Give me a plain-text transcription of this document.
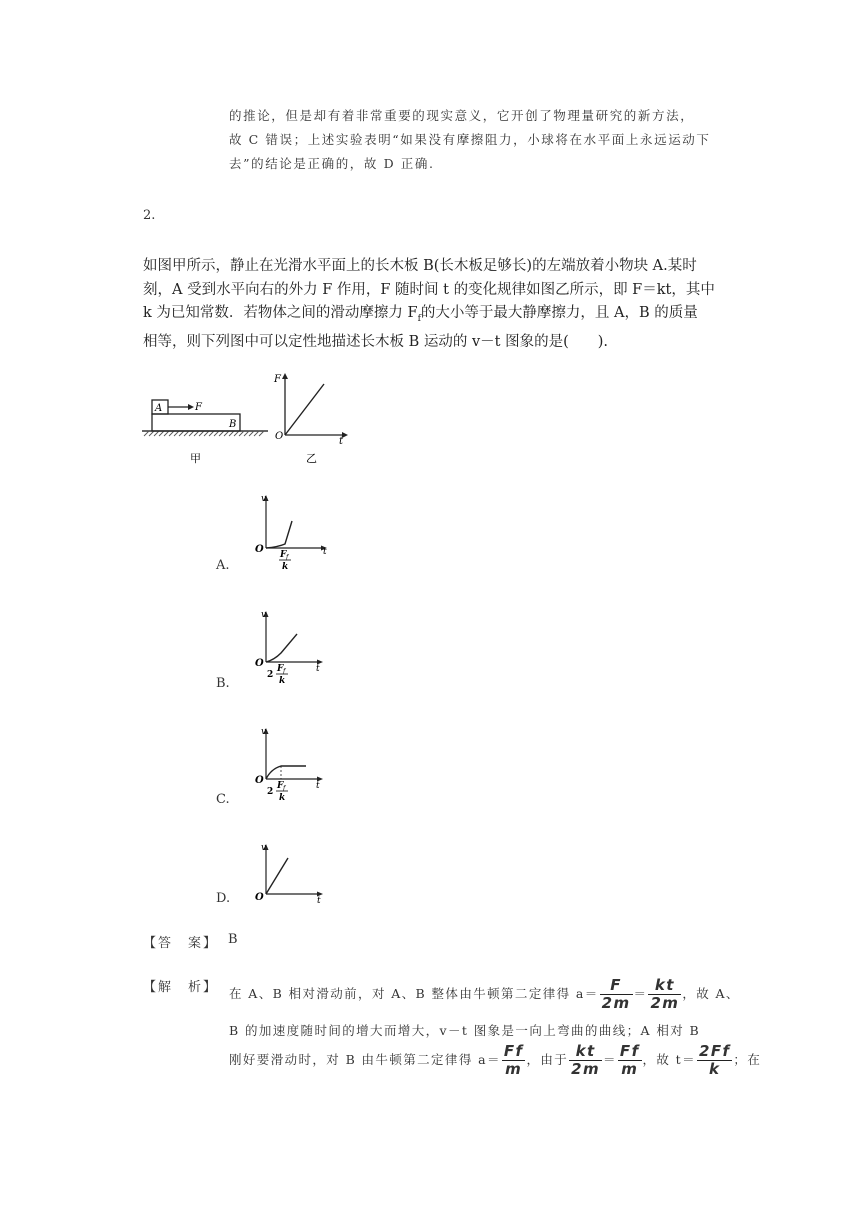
的推论，但是却有着非常重要的现实意义，它开创了物理量研究的新方法，
故 C 错误；上述实验表明“如果没有摩擦阻力，小球将在水平面上永远运动下
去”的结论是正确的，故 D 正确.
2.
如图甲所示，静止在光滑水平面上的长木板 B(长木板足够长)的左端放着小物块 A.某时
刻，A 受到水平向右的外力 F 作用，F 随时间 t 的变化规律如图乙所示，即 F＝kt，其中
k 为已知常数．若物体之间的滑动摩擦力 $F_f$的大小等于最大静摩擦力，且 A，B 的质量
相等，则下列图中可以定性地描述长木板 B 运动的 v－t 图象的是(　　).
A
B
F
甲
F
t
O
乙
A.
v
t
O F f
k
B.
v
t
O
2
F f
k
C.
v
t
O
2
F f
k
D.
v
t
O
【答　案】 B
【解　析】 在 A、B 相对滑动前，对 A、B 整体由牛顿第二定律得 $a= \frac{F}{2m} = \frac{kt}{2m}$ ，故 A、
B 的加速度随时间的增大而增大，v－t 图象是一向上弯曲的曲线；A 相对 B
刚好要滑动时，对 B 由牛顿第二定律得 $a= \frac{Ff}{m}$ ，由于 $\frac{kt}{2m} = \frac{Ff}{m}$ ，故 $t= \frac{2Ff}{k}$ ；在
